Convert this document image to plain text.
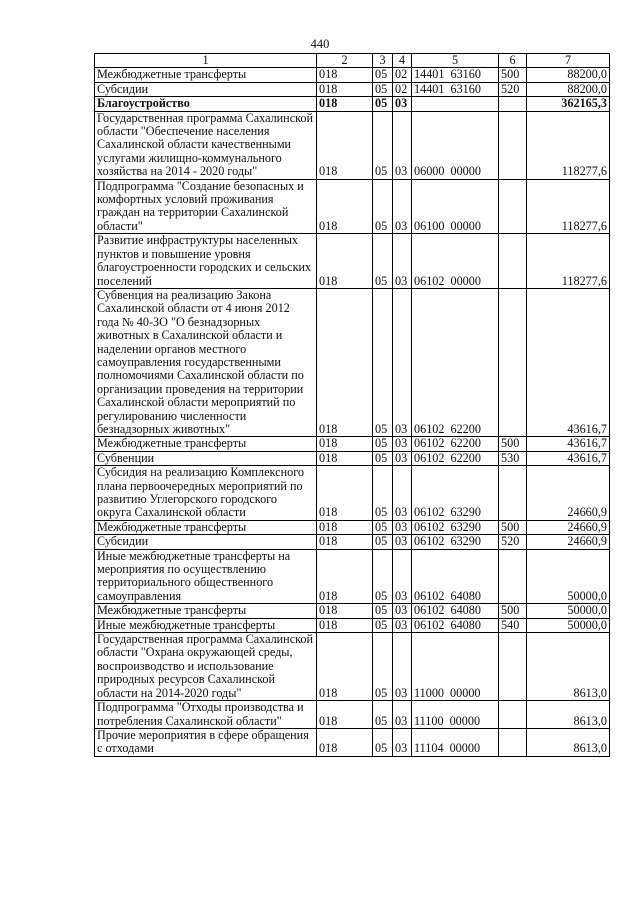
440
1	2	3	4	5	6	7
Межбюджетные трансферты	018	05	02	14401 63160	500	88200,0
Субсидии	018	05	02	14401 63160	520	88200,0
Благоустройство	018	05	03			362165,3
Государственная программа Сахалинской области "Обеспечение населения Сахалинской области качественными услугами жилищно-коммунального хозяйства на 2014 - 2020 годы"	018	05	03	06000 00000		118277,6
Подпрограмма "Создание безопасных и комфортных условий проживания граждан на территории Сахалинской области"	018	05	03	06100 00000		118277,6
Развитие инфраструктуры населенных пунктов и повышение уровня благоустроенности городских и сельских поселений	018	05	03	06102 00000		118277,6
Субвенция на реализацию Закона Сахалинской области от 4 июня 2012 года № 40-ЗО "О безнадзорных животных в Сахалинской области и наделении органов местного самоуправления государственными полномочиями Сахалинской области по организации проведения на территории Сахалинской области мероприятий по регулированию численности безнадзорных животных"	018	05	03	06102 62200		43616,7
Межбюджетные трансферты	018	05	03	06102 62200	500	43616,7
Субвенции	018	05	03	06102 62200	530	43616,7
Субсидия на реализацию Комплексного плана первоочередных мероприятий по развитию Углегорского городского округа Сахалинской области	018	05	03	06102 63290		24660,9
Межбюджетные трансферты	018	05	03	06102 63290	500	24660,9
Субсидии	018	05	03	06102 63290	520	24660,9
Иные межбюджетные трансферты на мероприятия по осуществлению территориального общественного самоуправления	018	05	03	06102 64080		50000,0
Межбюджетные трансферты	018	05	03	06102 64080	500	50000,0
Иные межбюджетные трансферты	018	05	03	06102 64080	540	50000,0
Государственная программа Сахалинской области "Охрана окружающей среды, воспроизводство и использование природных ресурсов Сахалинской области на 2014-2020 годы"	018	05	03	11000 00000		8613,0
Подпрограмма "Отходы производства и потребления Сахалинской области"	018	05	03	11100 00000		8613,0
Прочие мероприятия в сфере обращения с отходами	018	05	03	11104 00000		8613,0
